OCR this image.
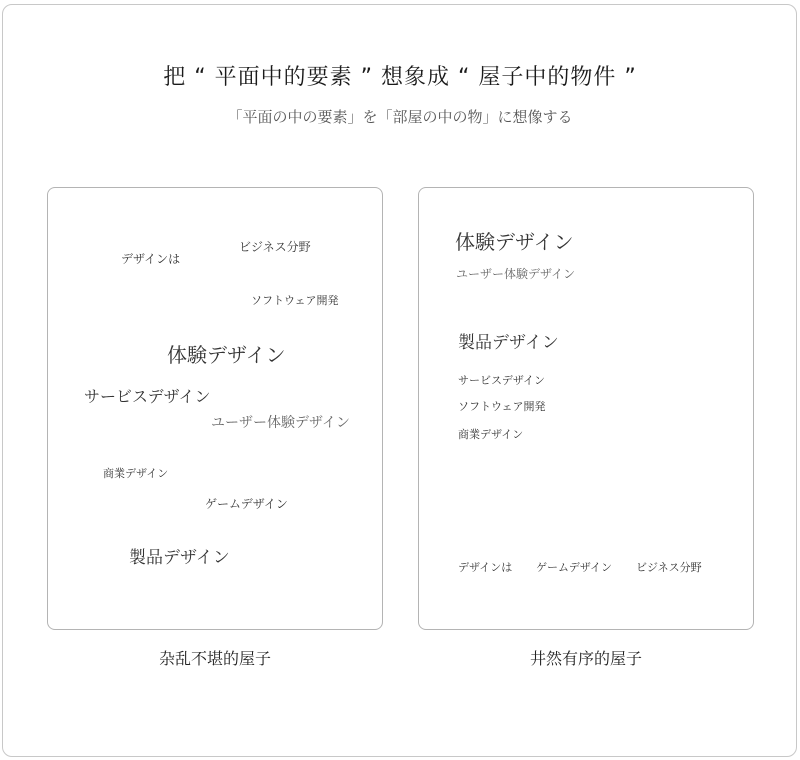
把 “ 平面中的要素 ” 想象成 “ 屋子中的物件 ”
「平面の中の要素」を「部屋の中の物」に想像する
デザインは
ビジネス分野
ソフトウェア開発
体験デザイン
サービスデザイン
ユーザー体験デザイン
商業デザイン
ゲームデザイン
製品デザイン
杂乱不堪的屋子
体験デザイン
ユーザー体験デザイン
製品デザイン
サービスデザイン
ソフトウェア開発
商業デザイン
デザインは ゲームデザイン ビジネス分野
井然有序的屋子
